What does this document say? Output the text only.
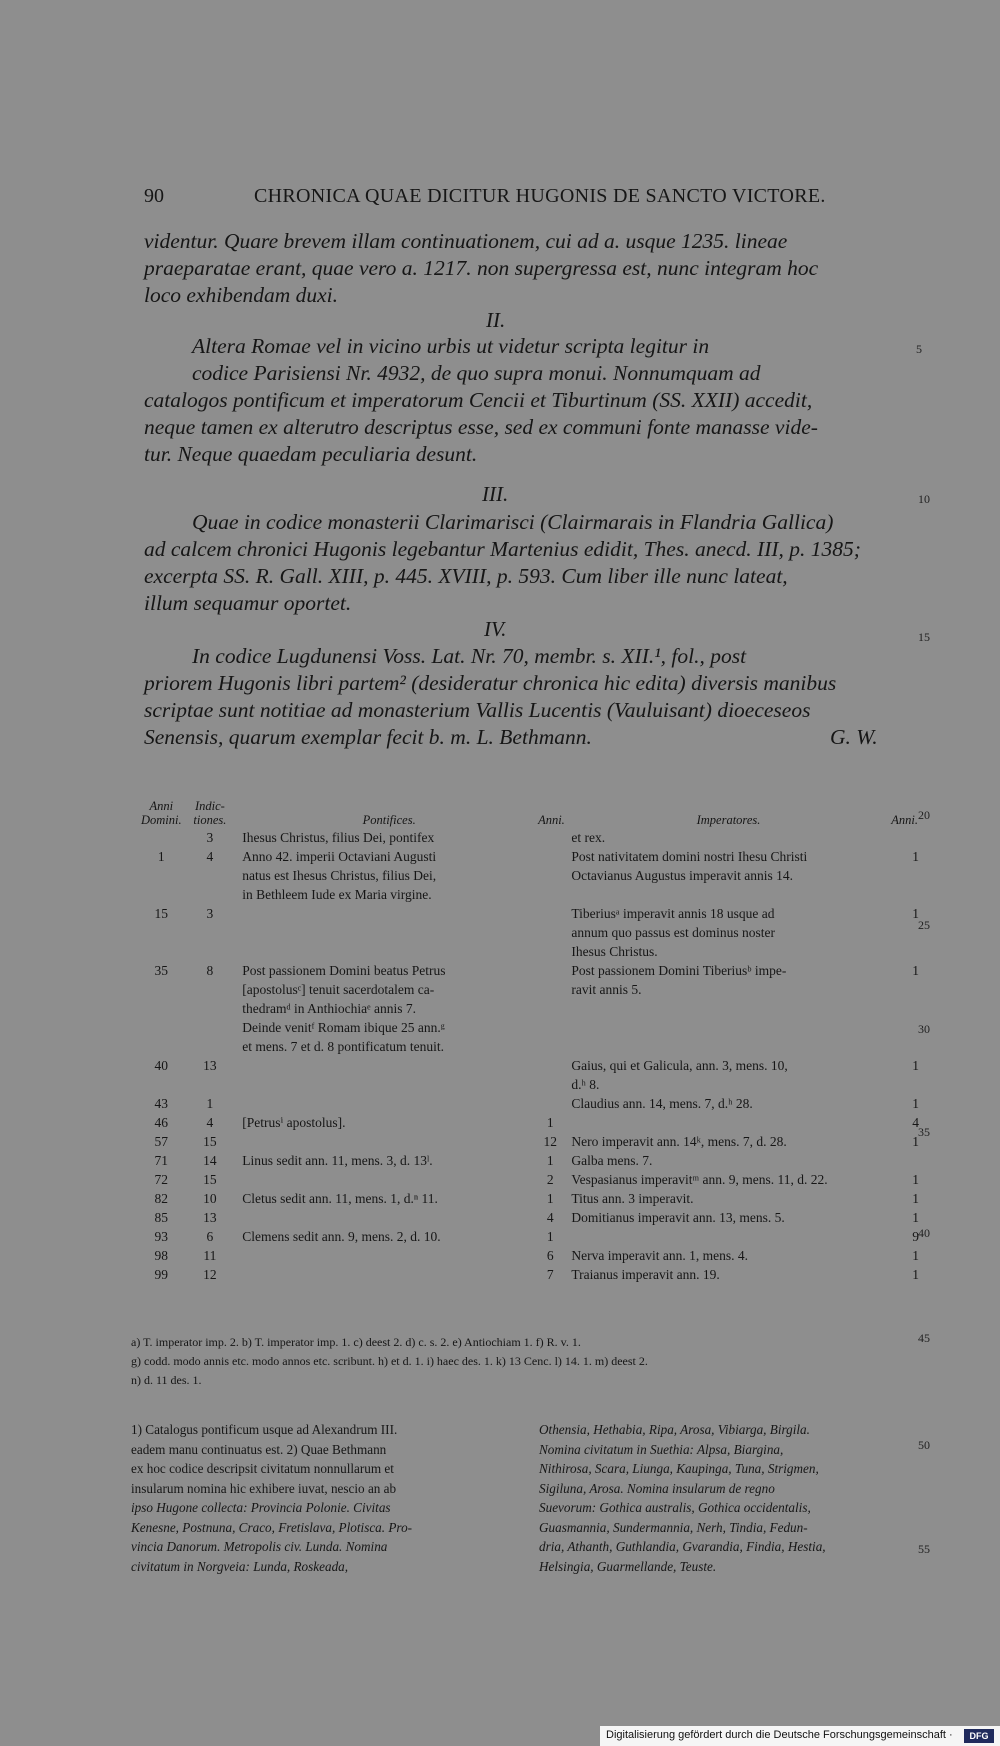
90	CHRONICA QUAE DICITUR HUGONIS DE SANCTO VICTORE.
videntur. Quare brevem illam continuationem, cui ad a. usque 1235. lineae
praeparatae erant, quae vero a. 1217. non supergressa est, nunc integram hoc
loco exhibendam duxi.
II.
Altera Romae vel in vicino urbis ut videtur scripta legitur in
codice Parisiensi Nr. 4932, de quo supra monui. Nonnumquam ad
catalogos pontificum et imperatorum Cencii et Tiburtinum (SS. XXII) accedit,
neque tamen ex alterutro descriptus esse, sed ex communi fonte manasse vide-
tur. Neque quaedam peculiaria desunt.
III.
Quae in codice monasterii Clarimarisci (Clairmarais in Flandria Gallica)
ad calcem chronici Hugonis legebantur Martenius edidit, Thes. anecd. III, p. 1385;
excerpta SS. R. Gall. XIII, p. 445. XVIII, p. 593. Cum liber ille nunc lateat,
illum sequamur oportet.
IV.
In codice Lugdunensi Voss. Lat. Nr. 70, membr. s. XII.¹, fol., post
priorem Hugonis libri partem² (desideratur chronica hic edita) diversis manibus
scriptae sunt notitiae ad monasterium Vallis Lucentis (Vauluisant) dioeceseos
Senensis, quarum exemplar fecit b. m. L. Bethmann.	G. W.
5
10
15
20
25
30
35
40
45
50
55
Anni Domini.	Indic- tiones.	Pontifices.	Anni.	Imperatores.	Anni.
	3	Ihesus Christus, filius Dei, pontifex		et rex.	
1	4	Anno 42. imperii Octaviani Augusti
natus est Ihesus Christus, filius Dei,
in Bethleem Iude ex Maria virgine.		Post nativitatem domini nostri Ihesu Christi
Octavianus Augustus imperavit annis 14.	1
15	3			Tiberiusᵃ imperavit annis 18 usque ad
annum quo passus est dominus noster
Ihesus Christus.	1
35	8	Post passionem Domini beatus Petrus
[apostolusᶜ] tenuit sacerdotalem ca-
thedramᵈ in Anthiochiaᵉ annis 7.
Deinde venitᶠ Romam ibique 25 ann.ᵍ
et mens. 7 et d. 8 pontificatum tenuit.		Post passionem Domini Tiberiusᵇ impe-
ravit annis 5.	1
40	13			Gaius, qui et Galicula, ann. 3, mens. 10,
d.ʰ 8.	1
43	1			Claudius ann. 14, mens. 7, d.ʰ 28.	1
46	4	[Petrusⁱ apostolus].	1		4
57	15		12	Nero imperavit ann. 14ᵏ, mens. 7, d. 28.	1
71	14	Linus sedit ann. 11, mens. 3, d. 13ˡ.	1	Galba mens. 7.	
72	15		2	Vespasianus imperavitᵐ ann. 9, mens. 11, d. 22.	1
82	10	Cletus sedit ann. 11, mens. 1, d.ⁿ 11.	1	Titus ann. 3 imperavit.	1
85	13		4	Domitianus imperavit ann. 13, mens. 5.	1
93	6	Clemens sedit ann. 9, mens. 2, d. 10.	1		9
98	11		6	Nerva imperavit ann. 1, mens. 4.	1
99	12		7	Traianus imperavit ann. 19.	1
a) T. imperator imp. 2. b) T. imperator imp. 1. c) deest 2. d) c. s. 2. e) Antiochiam 1. f) R. v. 1.
g) codd. modo annis etc. modo annos etc. scribunt. h) et d. 1. i) haec des. 1. k) 13 Cenc. l) 14. 1. m) deest 2.
n) d. 11 des. 1.
1) Catalogus pontificum usque ad Alexandrum III.
eadem manu continuatus est. 2) Quae Bethmann
ex hoc codice descripsit civitatum nonnullarum et
insularum nomina hic exhibere iuvat, nescio an ab
ipso Hugone collecta: Provincia Polonie. Civitas
Kenesne, Postnuna, Craco, Fretislava, Plotisca. Pro-
vincia Danorum. Metropolis civ. Lunda. Nomina
civitatum in Norgveia: Lunda, Roskeada,
Othensia, Hethabia, Ripa, Arosa, Vibiarga, Birgila.
Nomina civitatum in Suethia: Alpsa, Biargina,
Nithirosa, Scara, Liunga, Kaupinga, Tuna, Strigmen,
Sigiluna, Arosa. Nomina insularum de regno
Suevorum: Gothica australis, Gothica occidentalis,
Guasmannia, Sundermannia, Nerh, Tindia, Fedun-
dria, Athanth, Guthlandia, Gvarandia, Findia, Hestia,
Helsingia, Guarmellande, Teuste.
Digitalisierung gefördert durch die Deutsche Forschungsgemeinschaft ·	DFG
